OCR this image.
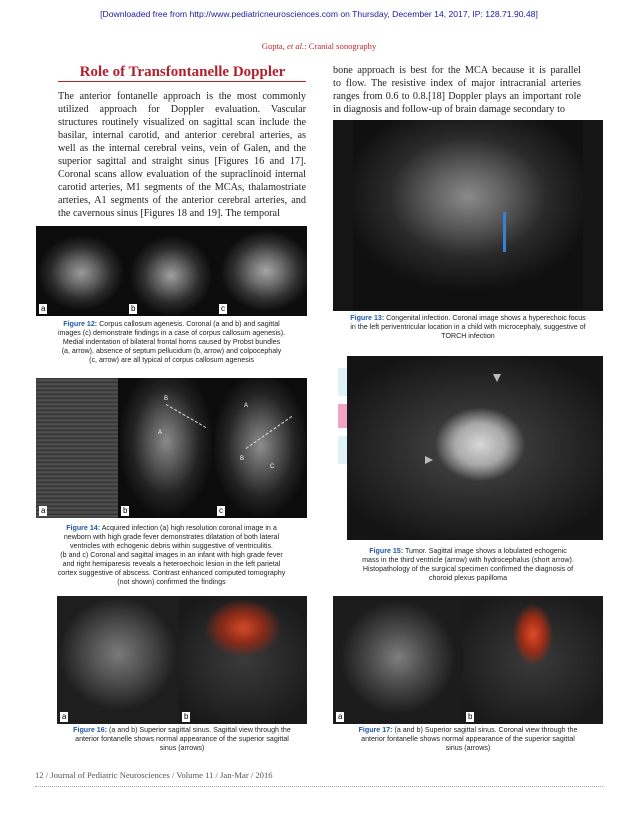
[Downloaded free from http://www.pediatricneurosciences.com on Thursday, December 14, 2017, IP: 128.71.90.48]
Gupta, et al.: Cranial sonography
Role of Transfontanelle Doppler
The anterior fontanelle approach is the most commonly
utilized approach for Doppler evaluation. Vascular
structures routinely visualized on sagittal scan include the
basilar, internal carotid, and anterior cerebral arteries, as
well as the internal cerebral veins, vein of Galen, and the
superior sagittal and straight sinus [Figures 16 and 17].
Coronal scans allow evaluation of the supraclinoid internal
carotid arteries, M1 segments of the MCAs, thalamostriate
arteries, A1 segments of the anterior cerebral arteries, and
the cavernous sinus [Figures 18 and 19]. The temporal
bone approach is best for the MCA because it is parallel
to flow. The resistive index of major intracranial arteries
ranges from 0.6 to 0.8.[18] Doppler plays an important role
in diagnosis and follow-up of brain damage secondary to
a	b	c
Figure 12: Corpus callosum agenesis. Coronal (a and b) and sagittal
images (c) demonstrate findings in a case of corpus callosum agenesis).
Medial indentation of bilateral frontal horns caused by Probst bundles
(a, arrow), absence of septum pellucidum (b, arrow) and colpocephaly
(c, arrow) are all typical of corpus callosum agenesis
Figure 13: Congenital infection. Coronal image shows a hyperechoic focus
in the left periventricular location in a child with microcephaly, suggestive of
TORCH infection
a
B
A
b
A
B
C
c
Figure 14: Acquired infection (a) high resolution coronal image in a
newborn with high grade fever demonstrates dilatation of both lateral
ventricles with echogenic debris within suggestive of ventriculitis.
(b and c) Coronal and sagittal images in an infant with high grade fever
and right hemiparesis reveals a heteroechoic lesion in the left parietal
cortex suggestive of abscess. Contrast enhanced computed tomography
(not shown) confirmed the findings
Figure 15: Tumor. Sagittal image shows a lobulated echogenic
mass in the third ventricle (arrow) with hydrocephalus (short arrow).
Histopathology of the surgical specimen confirmed the diagnosis of
choroid plexus papilloma
a	b
Figure 16: (a and b) Superior sagittal sinus. Sagittal view through the
anterior fontanelle shows normal appearance of the superior sagittal
sinus (arrows)
a	b
Figure 17: (a and b) Superior sagittal sinus. Coronal view through the
anterior fontanelle shows normal appearance of the superior sagittal
sinus (arrows)
12 / Journal of Pediatric Neurosciences / Volume 11 / Jan-Mar / 2016
